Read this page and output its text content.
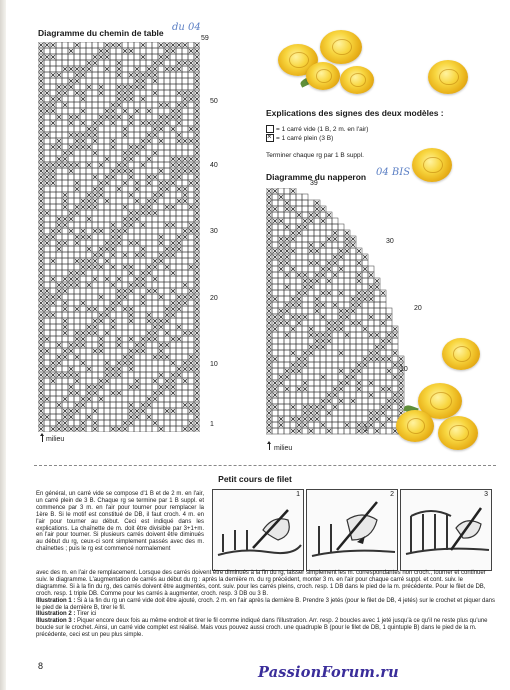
Diagramme du chemin de table du 04
59
50
40
30
20
10
1
milieu
Explications des signes des deux modèles :
= 1 carré vide (1 B, 2 m. en l'air)
×
= 1 carré plein (3 B)
Terminer chaque rg par 1 B suppl.
Diagramme du napperon 04 BIS
39
30
20
10
1
milieu
Petit cours de filet
En général, un carré vide se compose d'1 B et de 2 m. en l'air, un carré plein de 3 B. Chaque rg se termine par 1 B suppl. et commence par 3 m. en l'air pour tourner pour remplacer la 1ère B. Si le motif est constitué de DB, il faut croch. 4 m. en l'air pour tourner au début. Ceci est indiqué dans les explications. La chaînette de m. doit être divisible par 3+1+m. en l'air pour tourner. Si plusieurs carrés doivent être diminués au début du rg, ceux-ci sont simplement passés avec des m. chaînettes ; puis le rg est commencé normalement
1	2	3

avec des m. en l'air de remplacement. Lorsque des carrés doivent être diminués à la fin du rg, laisser simplement les m. correspondantes non croch., tourner et continuer suiv. le diagramme. L'augmentation de carrés au début du rg : après la dernière m. du rg précédent, monter 3 m. en l'air pour chaque carré suppl. et cont. suiv. le diagramme. Si à la fin du rg, des carrés doivent être augmentés, cont. suiv. pour les carrés pleins, croch. resp. 1 DB dans le pied de la m. précédente. Pour le filet de DB, croch. resp. 1 triple DB. Comme pour les carrés à augmenter, croch. resp. 3 DB ou 3 B.

Illustration 1 : Si à la fin du rg un carré vide doit être ajouté, croch. 2 m. en l'air après la dernière B. Prendre 3 jetés (pour le filet de DB, 4 jetés) sur le crochet et piquer dans le pied de la dernière B, tirer le fil.

Illustration 2 : Tirer ici

Illustration 3 : Piquer encore deux fois au même endroit et tirer le fil comme indiqué dans l'illustration. Arr. resp. 2 boucles avec 1 jeté jusqu'à ce qu'il ne reste plus qu'une boucle sur le crochet. Ainsi, un carré vide complet est réalisé. Mais vous pouvez aussi croch. une quadruple B (pour le filet de DB, 1 quintuple B) dans le pied de la m. précédente, ceci est un peu plus simple.

8	PassionForum.ru
